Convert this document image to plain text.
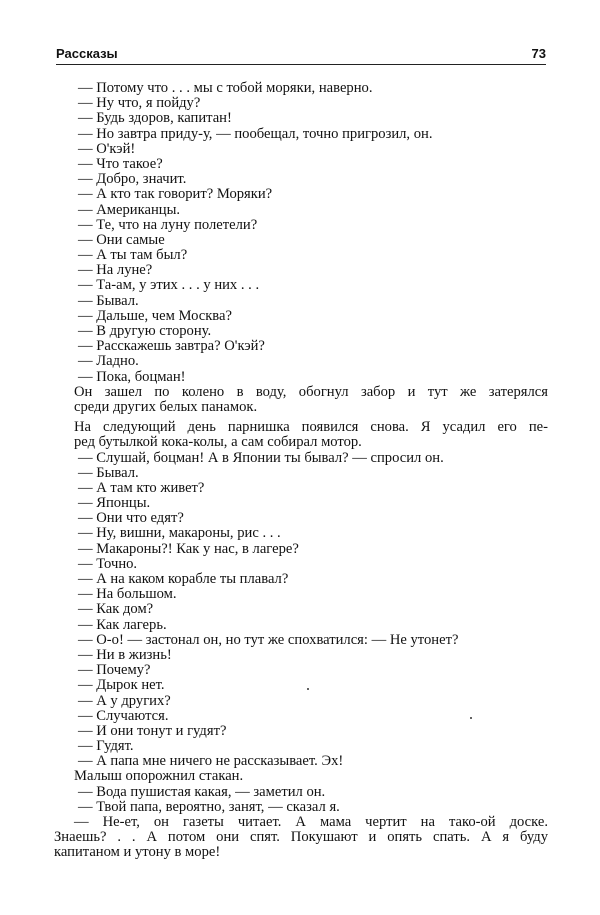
Рассказы	73
— Потому что . . . мы с тобой моряки, наверно.
— Ну что, я пойду?
— Будь здоров, капитан!
— Но завтра приду-у, — пообещал, точно пригрозил, он.
— О'кэй!
— Что такое?
— Добро, значит.
— А кто так говорит? Моряки?
— Американцы.
— Те, что на луну полетели?
— Они самые
— А ты там был?
— На луне?
— Та-ам, у этих . . . у них . . .
— Бывал.
— Дальше, чем Москва?
— В другую сторону.
— Расскажешь завтра? О'кэй?
— Ладно.
— Пока, боцман!
Он зашел по колено в воду, обогнул забор и тут же затерялся
среди других белых панамок.
На следующий день парнишка появился снова. Я усадил его пе-
ред бутылкой кока-колы, а сам собирал мотор.
— Слушай, боцман! А в Японии ты бывал? — спросил он.
— Бывал.
— А там кто живет?
— Японцы.
— Они что едят?
— Ну, вишни, макароны, рис . . .
— Макароны?! Как у нас, в лагере?
— Точно.
— А на каком корабле ты плавал?
— На большом.
— Как дом?
— Как лагерь.
— О-о! — застонал он, но тут же спохватился: — Не утонет?
— Ни в жизнь!
— Почему?
— Дырок нет.
— А у других?
— Случаются.
— И они тонут и гудят?
— Гудят.
— А папа мне ничего не рассказывает. Эх!
Малыш опорожнил стакан.
— Вода пушистая какая, — заметил он.
— Твой папа, вероятно, занят, — сказал я.
— Не-ет, он газеты читает. А мама чертит на тако-ой доске.
Знаешь? . . А потом они спят. Покушают и опять спать. А я буду
капитаном и утону в море!
